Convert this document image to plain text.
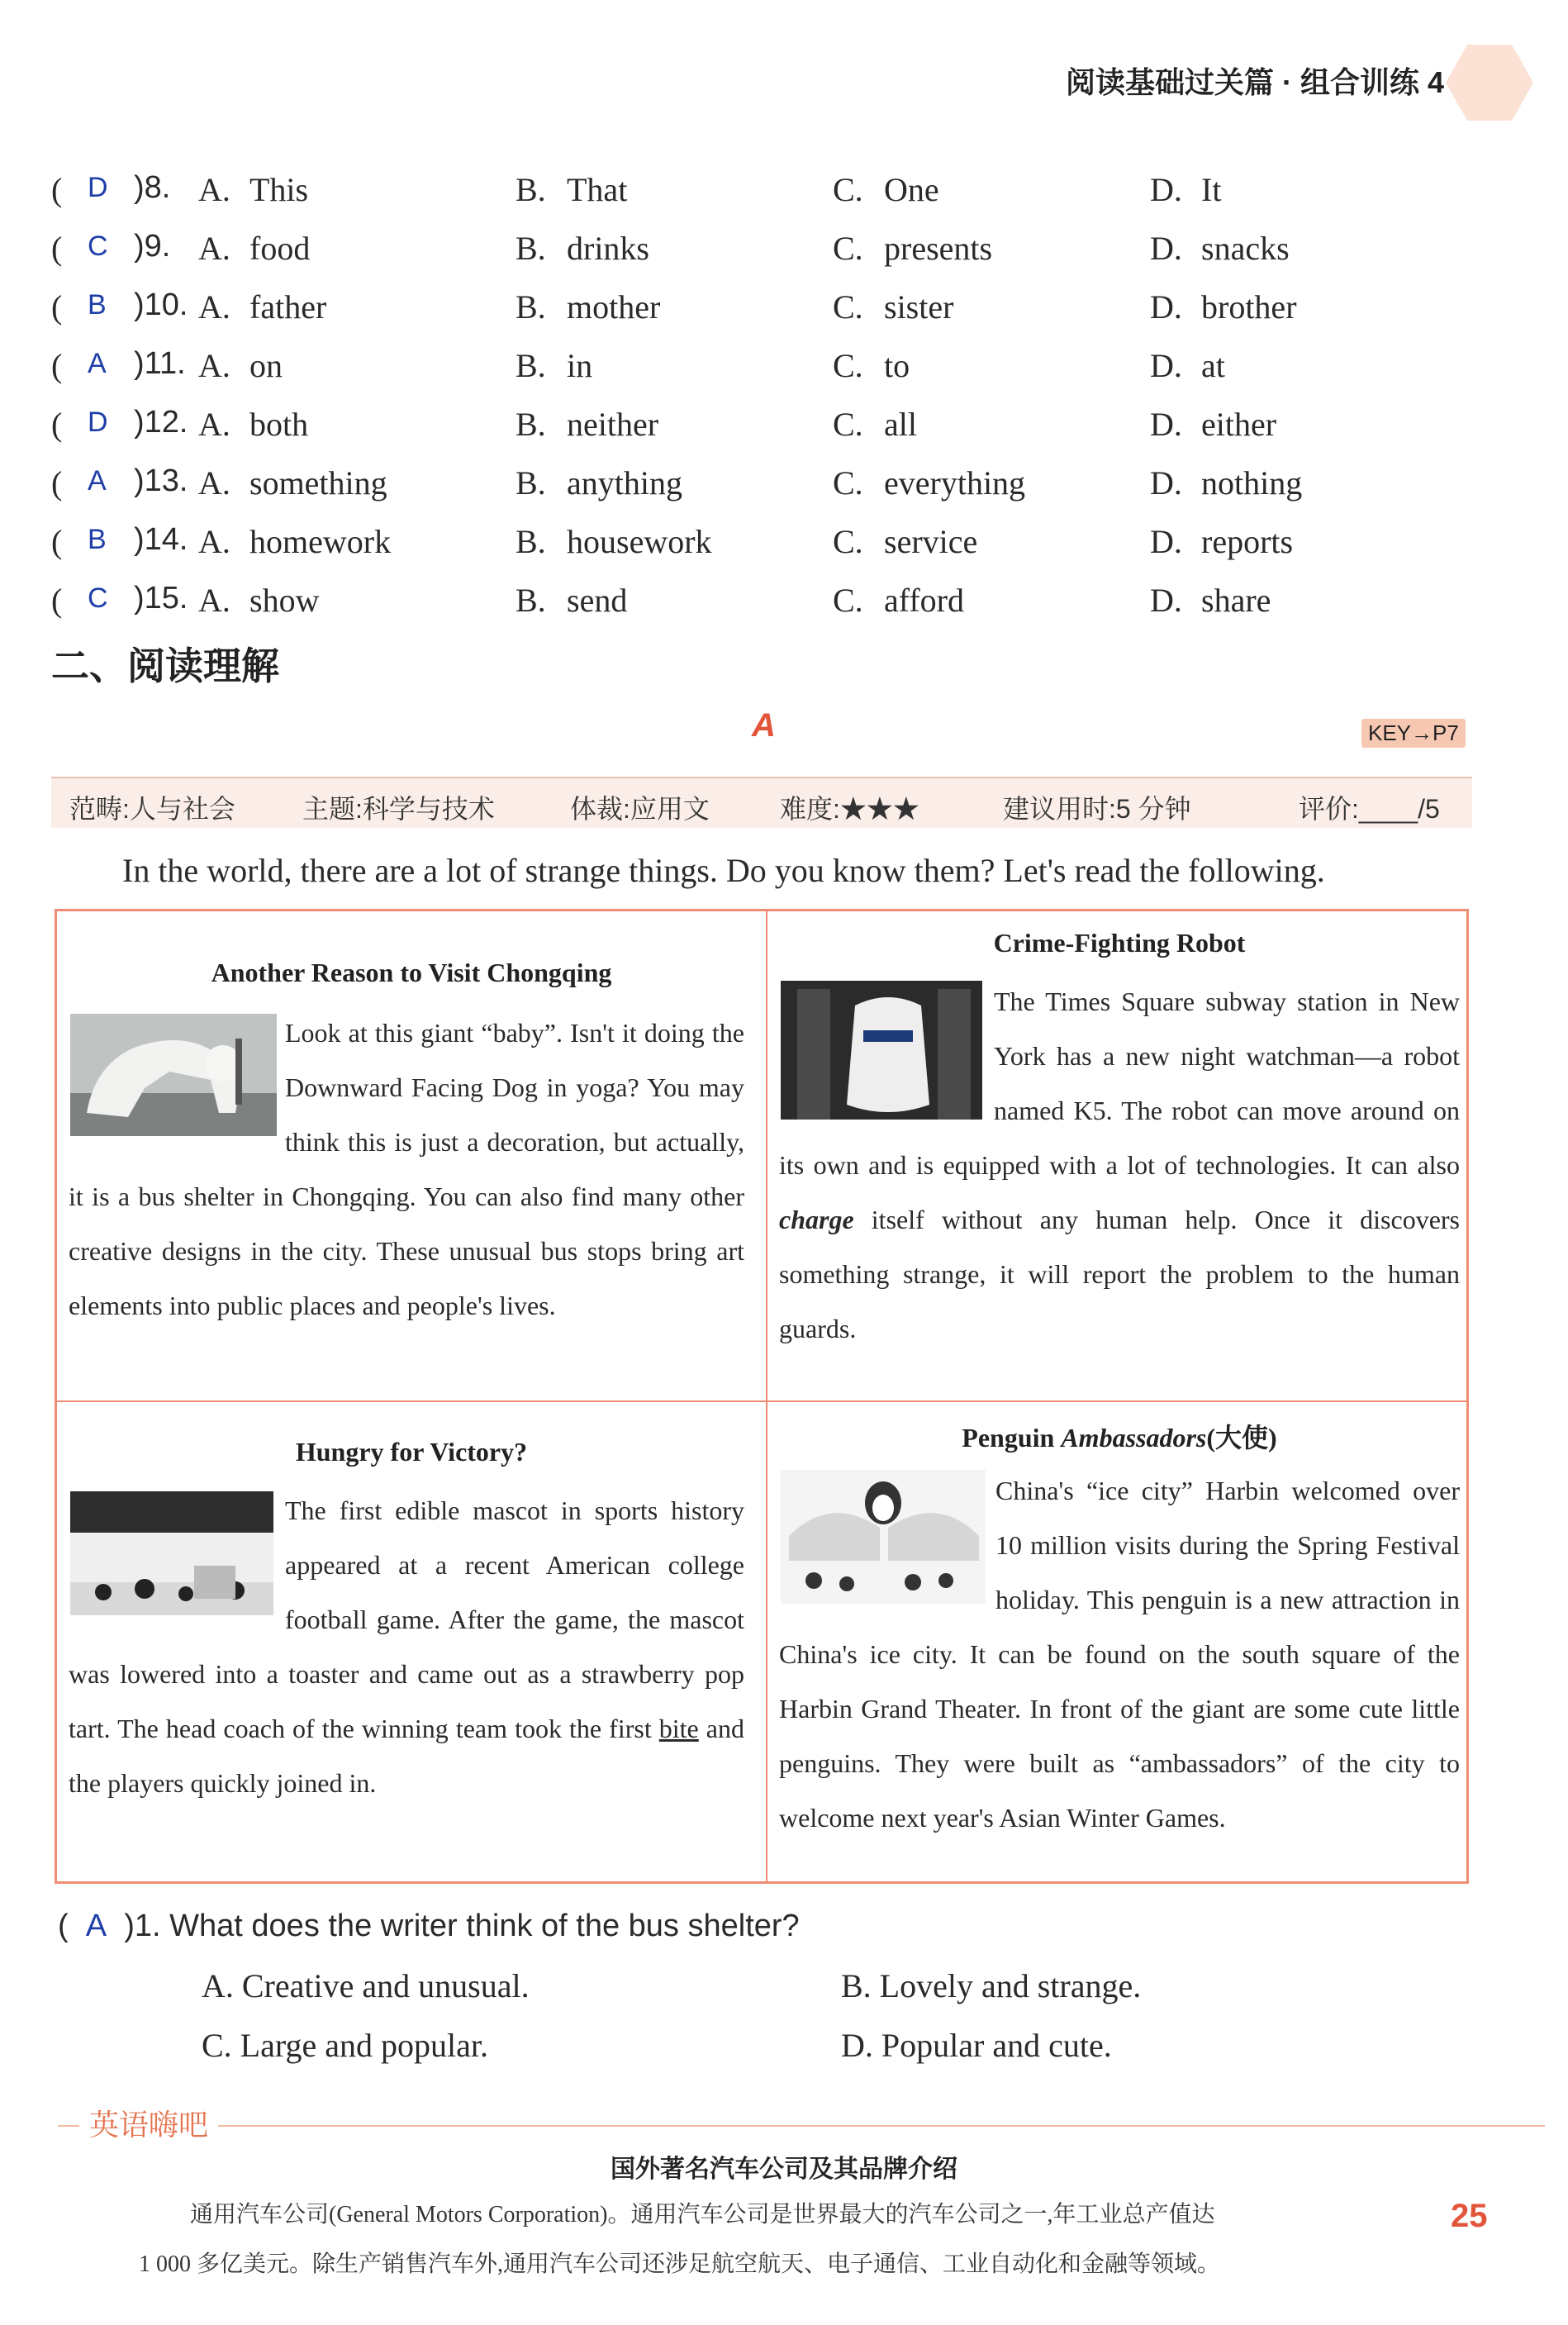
阅读基础过关篇 · 组合训练 4
( D )8. A. This	B. That	C. One	D. It
( C )9. A. food	B. drinks	C. presents	D. snacks
( B )10. A. father	B. mother	C. sister	D. brother
( A )11. A. on	B. in	C. to	D. at
( D )12. A. both	B. neither	C. all	D. either
( A )13. A. something	B. anything	C. everything	D. nothing
( B )14. A. homework	B. housework	C. service	D. reports
( C )15. A. show	B. send	C. afford	D. share
二、阅读理解
A	KEY→P7
范畴:人与社会	主题:科学与技术	体裁:应用文	难度:★★★	建议用时:5 分钟	评价:____/5
In the world, there are a lot of strange things. Do you know them? Let's read the following.
Another Reason to Visit Chongqing
Look at this giant “baby”. Isn't it doing the Downward Facing Dog in yoga? You may think this is just a decoration, but actually, it is a bus shelter in Chongqing. You can also find many other creative designs in the city. These unusual bus stops bring art elements into public places and people's lives.
Crime-Fighting Robot
The Times Square subway station in New York has a new night watchman—a robot named K5. The robot can move around on its own and is equipped with a lot of technologies. It can also charge itself without any human help. Once it discovers something strange, it will report the problem to the human guards.
Hungry for Victory?
The first edible mascot in sports history appeared at a recent American college football game. After the game, the mascot was lowered into a toaster and came out as a strawberry pop tart. The head coach of the winning team took the first bite and the players quickly joined in.
Penguin Ambassadors(大使)
China's “ice city” Harbin welcomed over 10 million visits during the Spring Festival holiday. This penguin is a new attraction in China's ice city. It can be found on the south square of the Harbin Grand Theater. In front of the giant are some cute little penguins. They were built as “ambassadors” of the city to welcome next year's Asian Winter Games.
( A )1. What does the writer think of the bus shelter?
A. Creative and unusual.	B. Lovely and strange.
C. Large and popular.	D. Popular and cute.
英语嗨吧
国外著名汽车公司及其品牌介绍
通用汽车公司(General Motors Corporation)。通用汽车公司是世界最大的汽车公司之一,年工业总产值达
1 000 多亿美元。除生产销售汽车外,通用汽车公司还涉足航空航天、电子通信、工业自动化和金融等领域。
25
